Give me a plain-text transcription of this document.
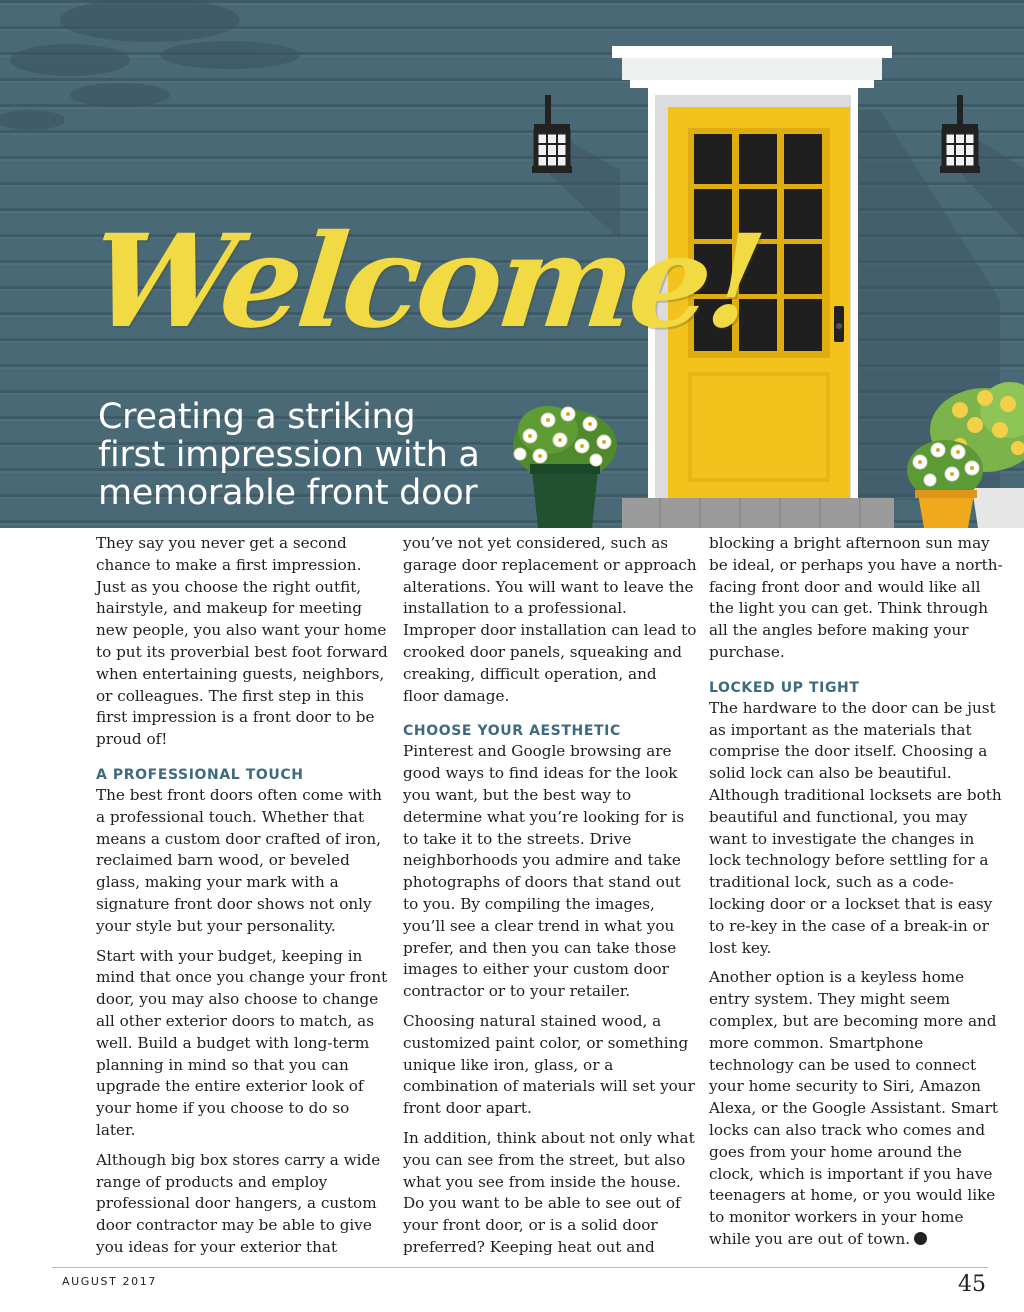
Welcome!
Creating a striking
first impression with a
memorable front door

They say you never get a second chance to make a first impression. Just as you choose the right outfit, hairstyle, and makeup for meeting new people, you also want your home to put its proverbial best foot forward when entertaining guests, neighbors, or colleagues. The first step in this first impression is a front door to be proud of!

A PROFESSIONAL TOUCH

The best front doors often come with a professional touch. Whether that means a custom door crafted of iron, reclaimed barn wood, or beveled glass, making your mark with a signature front door shows not only your style but your personality.

Start with your budget, keeping in mind that once you change your front door, you may also choose to change all other exterior doors to match, as well. Build a budget with long-term planning in mind so that you can upgrade the entire exterior look of your home if you choose to do so later.

Although big box stores carry a wide range of products and employ professional door hangers, a custom door contractor may be able to give you ideas for your exterior that

you’ve not yet considered, such as garage door replacement or approach alterations. You will want to leave the installation to a professional. Improper door installation can lead to crooked door panels, squeaking and creaking, difficult operation, and floor damage.

CHOOSE YOUR AESTHETIC

Pinterest and Google browsing are good ways to find ideas for the look you want, but the best way to determine what you’re looking for is to take it to the streets. Drive neighborhoods you admire and take photographs of doors that stand out to you. By compiling the images, you’ll see a clear trend in what you prefer, and then you can take those images to either your custom door contractor or to your retailer.

Choosing natural stained wood, a customized paint color, or something unique like iron, glass, or a combination of materials will set your front door apart.

In addition, think about not only what you can see from the street, but also what you see from inside the house. Do you want to be able to see out of your front door, or is a solid door preferred? Keeping heat out and

blocking a bright afternoon sun may be ideal, or perhaps you have a north-facing front door and would like all the light you can get. Think through all the angles before making your purchase.

LOCKED UP TIGHT

The hardware to the door can be just as important as the materials that comprise the door itself. Choosing a solid lock can also be beautiful. Although traditional locksets are both beautiful and functional, you may want to investigate the changes in lock technology before settling for a traditional lock, such as a code-locking door or a lockset that is easy to re-key in the case of a break-in or lost key.

Another option is a keyless home entry system. They might seem complex, but are becoming more and more common. Smartphone technology can be used to connect your home security to Siri, Amazon Alexa, or the Google Assistant. Smart locks can also track who comes and goes from your home around the clock, which is important if you have teenagers at home, or you would like to monitor workers in your home while you are out of town.

AUGUST 2017	45
